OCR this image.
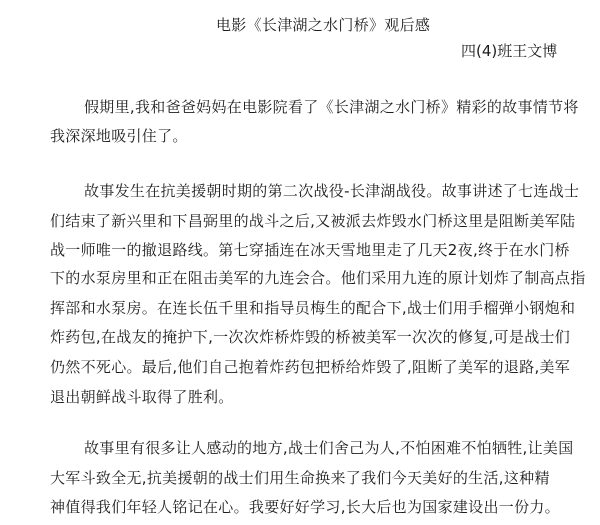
电影《长津湖之水门桥》观后感
四(4)班王文博
假期里,我和爸爸妈妈在电影院看了《长津湖之水门桥》精彩的故事情节将
我深深地吸引住了。
故事发生在抗美援朝时期的第二次战役-长津湖战役。故事讲述了七连战士
们结束了新兴里和下昌弼里的战斗之后,又被派去炸毁水门桥这里是阻断美军陆
战一师唯一的撤退路线。第七穿插连在冰天雪地里走了几天2夜,终于在水门桥
下的水泵房里和正在阻击美军的九连会合。他们采用九连的原计划炸了制高点指
挥部和水泵房。在连长伍千里和指导员梅生的配合下,战士们用手榴弹小钢炮和
炸药包,在战友的掩护下,一次次炸桥炸毁的桥被美军一次次的修复,可是战士们
仍然不死心。最后,他们自己抱着炸药包把桥给炸毁了,阻断了美军的退路,美军
退出朝鲜战斗取得了胜利。
故事里有很多让人感动的地方,战士们舍己为人,不怕困难不怕牺牲,让美国
大军斗致全无,抗美援朝的战士们用生命换来了我们今天美好的生活,这种精
神值得我们年轻人铭记在心。我要好好学习,长大后也为国家建设出一份力。
